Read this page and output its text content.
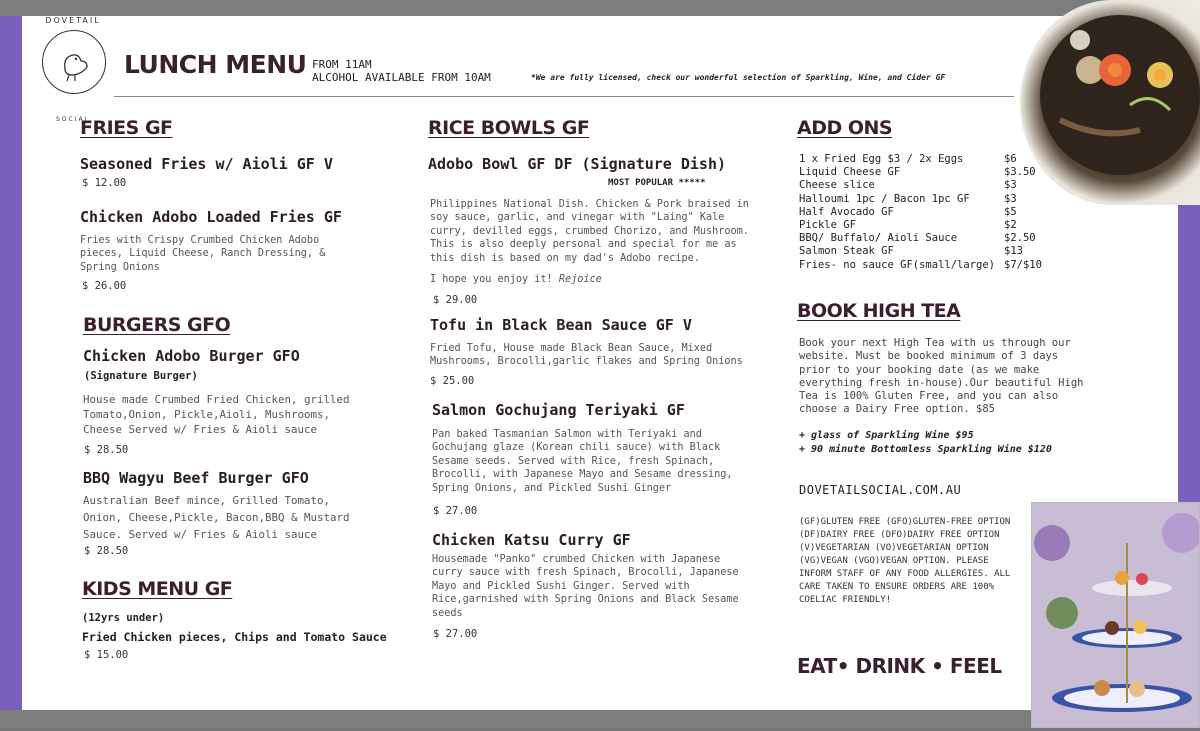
DOVETAIL
SOCIAL
LUNCH MENU FROM 11AM
ALCOHOL AVAILABLE FROM 10AM	*We are fully licensed, check our wonderful selection of Sparkling, Wine, and Cider GF
FRIES GF
Seasoned Fries w/ Aioli GF V
$ 12.00
Chicken Adobo Loaded Fries GF
Fries with Crispy Crumbed Chicken Adobo pieces, Liquid Cheese, Ranch Dressing, & Spring Onions
$ 26.00
BURGERS GFO
Chicken Adobo Burger GFO
(Signature Burger)
House made Crumbed Fried Chicken, grilled Tomato,Onion, Pickle,Aioli, Mushrooms, Cheese Served w/ Fries & Aioli sauce
$ 28.50
BBQ Wagyu Beef Burger GFO
Australian Beef mince, Grilled Tomato, Onion, Cheese,Pickle, Bacon,BBQ & Mustard Sauce. Served w/ Fries & Aioli sauce
$ 28.50
KIDS MENU GF
(12yrs under)
Fried Chicken pieces, Chips and Tomato Sauce
$ 15.00
RICE BOWLS GF
Adobo Bowl GF DF (Signature Dish)
MOST POPULAR *****
Philippines National Dish. Chicken & Pork braised in soy sauce, garlic, and vinegar with "Laing" Kale curry, devilled eggs, crumbed Chorizo, and Mushroom. This is also deeply personal and special for me as this dish is based on my dad's Adobo recipe.
I hope you enjoy it! Rejoice
$ 29.00
Tofu in Black Bean Sauce GF V
Fried Tofu, House made Black Bean Sauce, Mixed Mushrooms, Brocolli,garlic flakes and Spring Onions
$ 25.00
Salmon Gochujang Teriyaki GF
Pan baked Tasmanian Salmon with Teriyaki and Gochujang glaze (Korean chili sauce) with Black Sesame seeds. Served with Rice, fresh Spinach, Brocolli, with Japanese Mayo and Sesame dressing, Spring Onions, and Pickled Sushi Ginger
$ 27.00
Chicken Katsu Curry GF
Housemade "Panko" crumbed Chicken with Japanese curry sauce with fresh Spinach, Brocolli, Japanese Mayo and Pickled Sushi Ginger. Served with Rice,garnished with Spring Onions and Black Sesame seeds
$ 27.00
ADD ONS
1 x Fried Egg $3 / 2x Eggs	$6
Liquid Cheese GF	$3.50
Cheese slice	$3
Halloumi 1pc / Bacon 1pc GF	$3
Half Avocado GF	$5
Pickle GF	$2
BBQ/ Buffalo/ Aioli Sauce	$2.50
Salmon Steak GF	$13
Fries- no sauce GF(small/large) $7/$10
BOOK HIGH TEA
Book your next High Tea with us through our website. Must be booked minimum of 3 days prior to your booking date (as we make everything fresh in-house).Our beautiful High Tea is 100% Gluten Free, and you can also choose a Dairy Free option. $85
+ glass of Sparkling Wine $95
+ 90 minute Bottomless Sparkling Wine $120
DOVETAILSOCIAL.COM.AU
(GF)GLUTEN FREE (GFO)GLUTEN-FREE OPTION (DF)DAIRY FREE (DFO)DAIRY FREE OPTION (V)VEGETARIAN (VO)VEGETARIAN OPTION (VG)VEGAN (VGO)VEGAN OPTION. PLEASE INFORM STAFF OF ANY FOOD ALLERGIES. ALL CARE TAKEN TO ENSURE ORDERS ARE 100% COELIAC FRIENDLY!
EAT• DRINK • FEEL
